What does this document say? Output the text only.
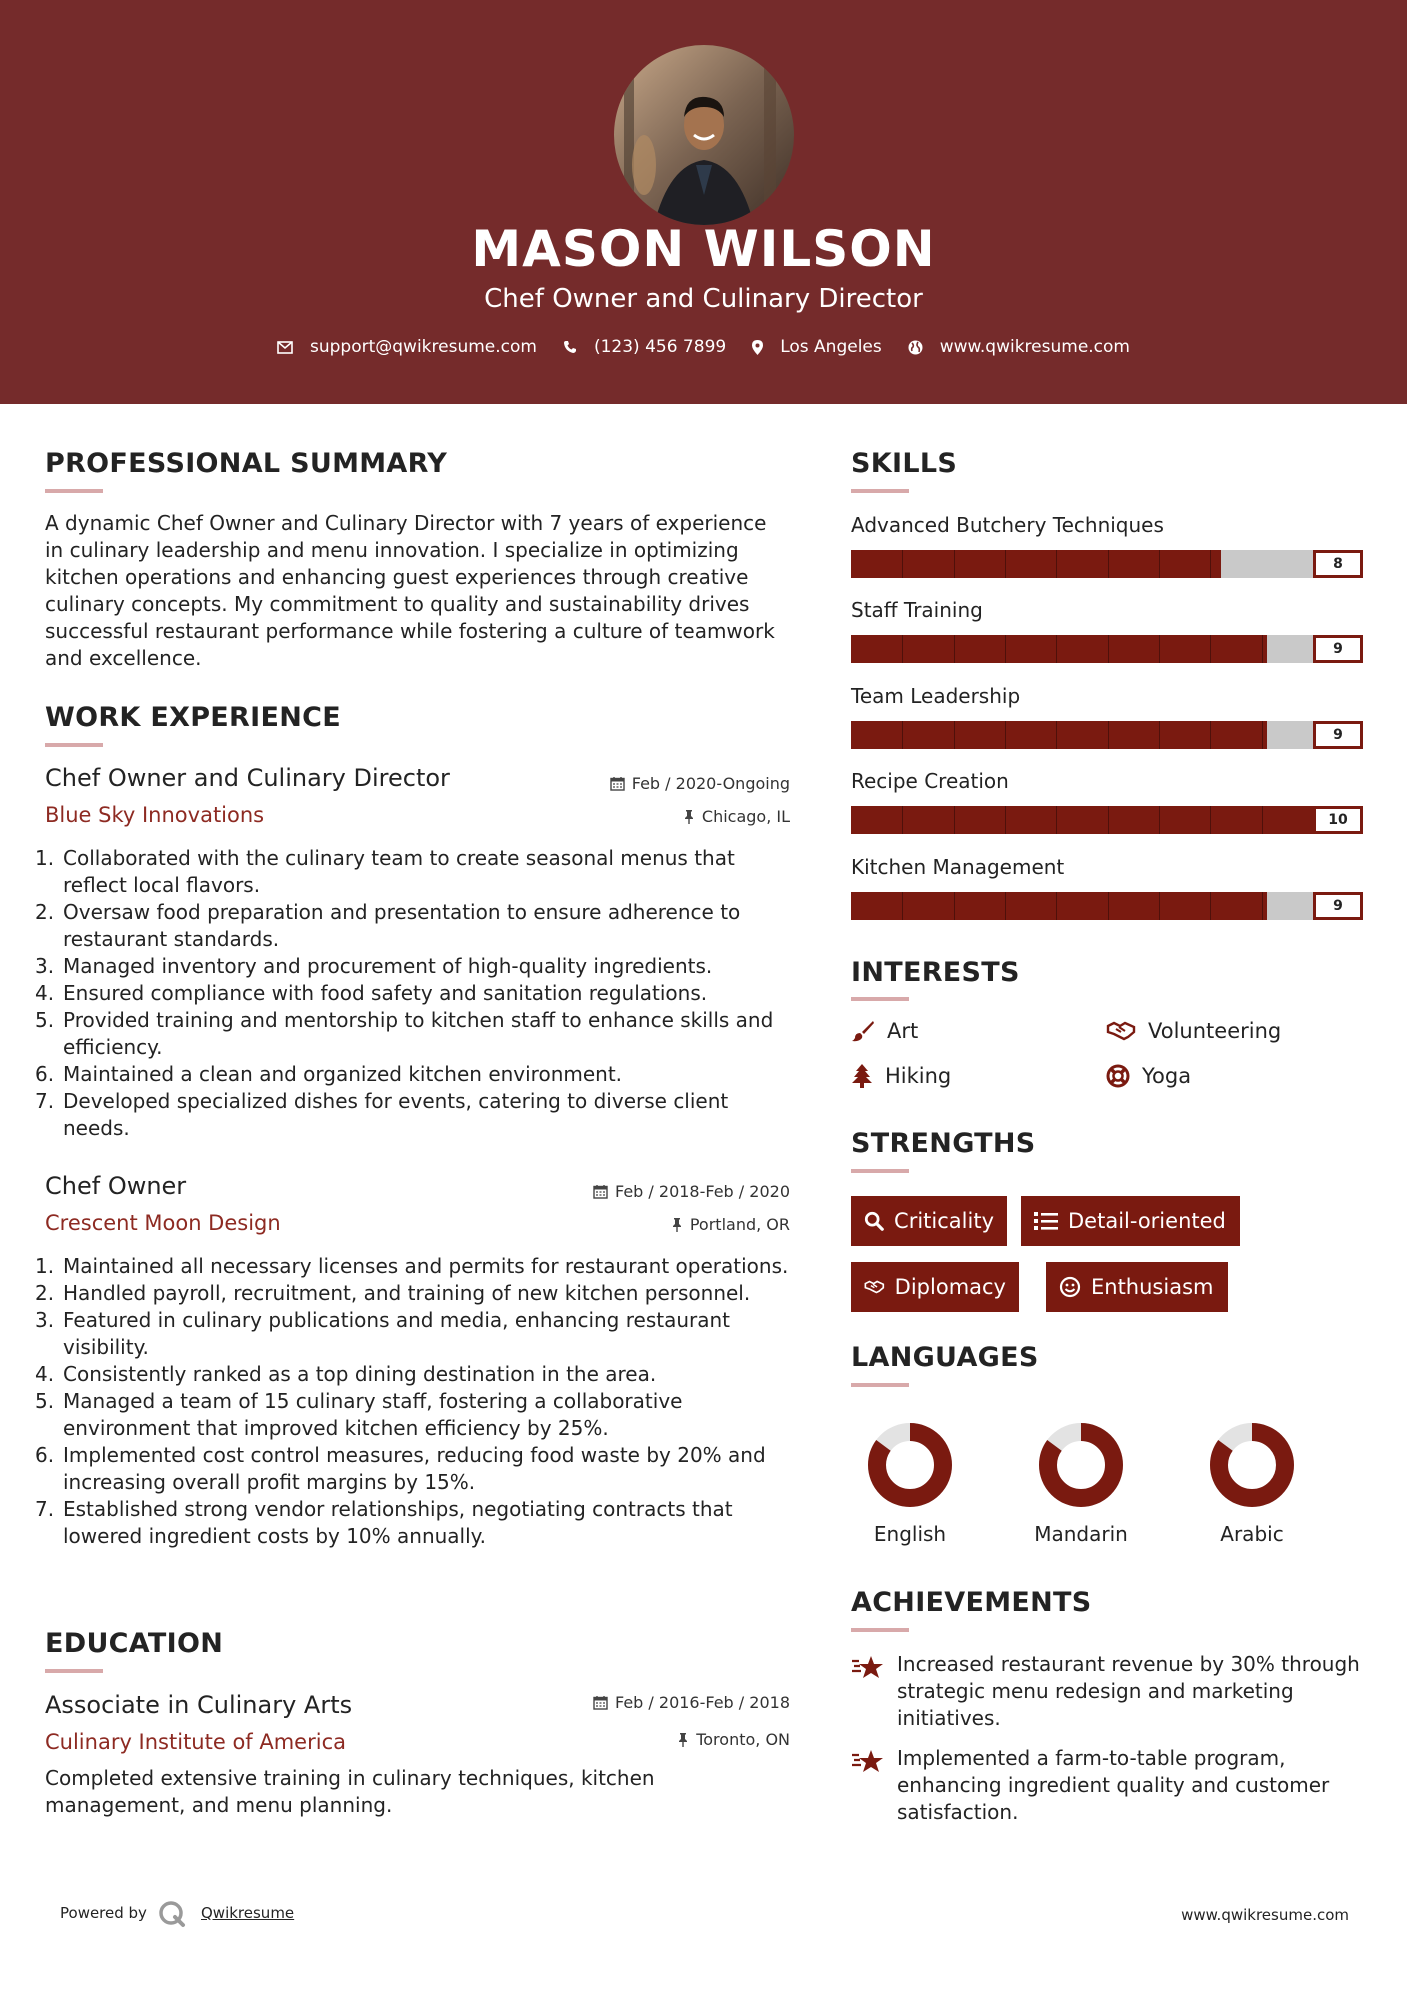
MASON WILSON
Chef Owner and Culinary Director
support@qwikresume.com	(123) 456 7899	Los Angeles	www.qwikresume.com
PROFESSIONAL SUMMARY
A dynamic Chef Owner and Culinary Director with 7 years of experience in culinary leadership and menu innovation. I specialize in optimizing kitchen operations and enhancing guest experiences through creative culinary concepts. My commitment to quality and sustainability drives successful restaurant performance while fostering a culture of teamwork and excellence.
WORK EXPERIENCE
Chef Owner and Culinary Director	Feb / 2020-Ongoing
Blue Sky Innovations	Chicago, IL
1. Collaborated with the culinary team to create seasonal menus that reflect local flavors.
2. Oversaw food preparation and presentation to ensure adherence to restaurant standards.
3. Managed inventory and procurement of high-quality ingredients.
4. Ensured compliance with food safety and sanitation regulations.
5. Provided training and mentorship to kitchen staff to enhance skills and efficiency.
6. Maintained a clean and organized kitchen environment.
7. Developed specialized dishes for events, catering to diverse client needs.
Chef Owner	Feb / 2018-Feb / 2020
Crescent Moon Design	Portland, OR
1. Maintained all necessary licenses and permits for restaurant operations.
2. Handled payroll, recruitment, and training of new kitchen personnel.
3. Featured in culinary publications and media, enhancing restaurant visibility.
4. Consistently ranked as a top dining destination in the area.
5. Managed a team of 15 culinary staff, fostering a collaborative environment that improved kitchen efficiency by 25%.
6. Implemented cost control measures, reducing food waste by 20% and increasing overall profit margins by 15%.
7. Established strong vendor relationships, negotiating contracts that lowered ingredient costs by 10% annually.
EDUCATION
Associate in Culinary Arts	Feb / 2016-Feb / 2018
Culinary Institute of America	Toronto, ON
Completed extensive training in culinary techniques, kitchen management, and menu planning.
SKILLS
Advanced Butchery Techniques
8
Staff Training
9
Team Leadership
9
Recipe Creation
10
Kitchen Management
9
INTERESTS
Art	Volunteering
Hiking	Yoga
STRENGTHS
Criticality	Detail-oriented
Diplomacy	Enthusiasm
LANGUAGES
English	Mandarin	Arabic
ACHIEVEMENTS
Increased restaurant revenue by 30% through strategic menu redesign and marketing initiatives.
Implemented a farm-to-table program, enhancing ingredient quality and customer satisfaction.
Powered by	Qwikresume	www.qwikresume.com
